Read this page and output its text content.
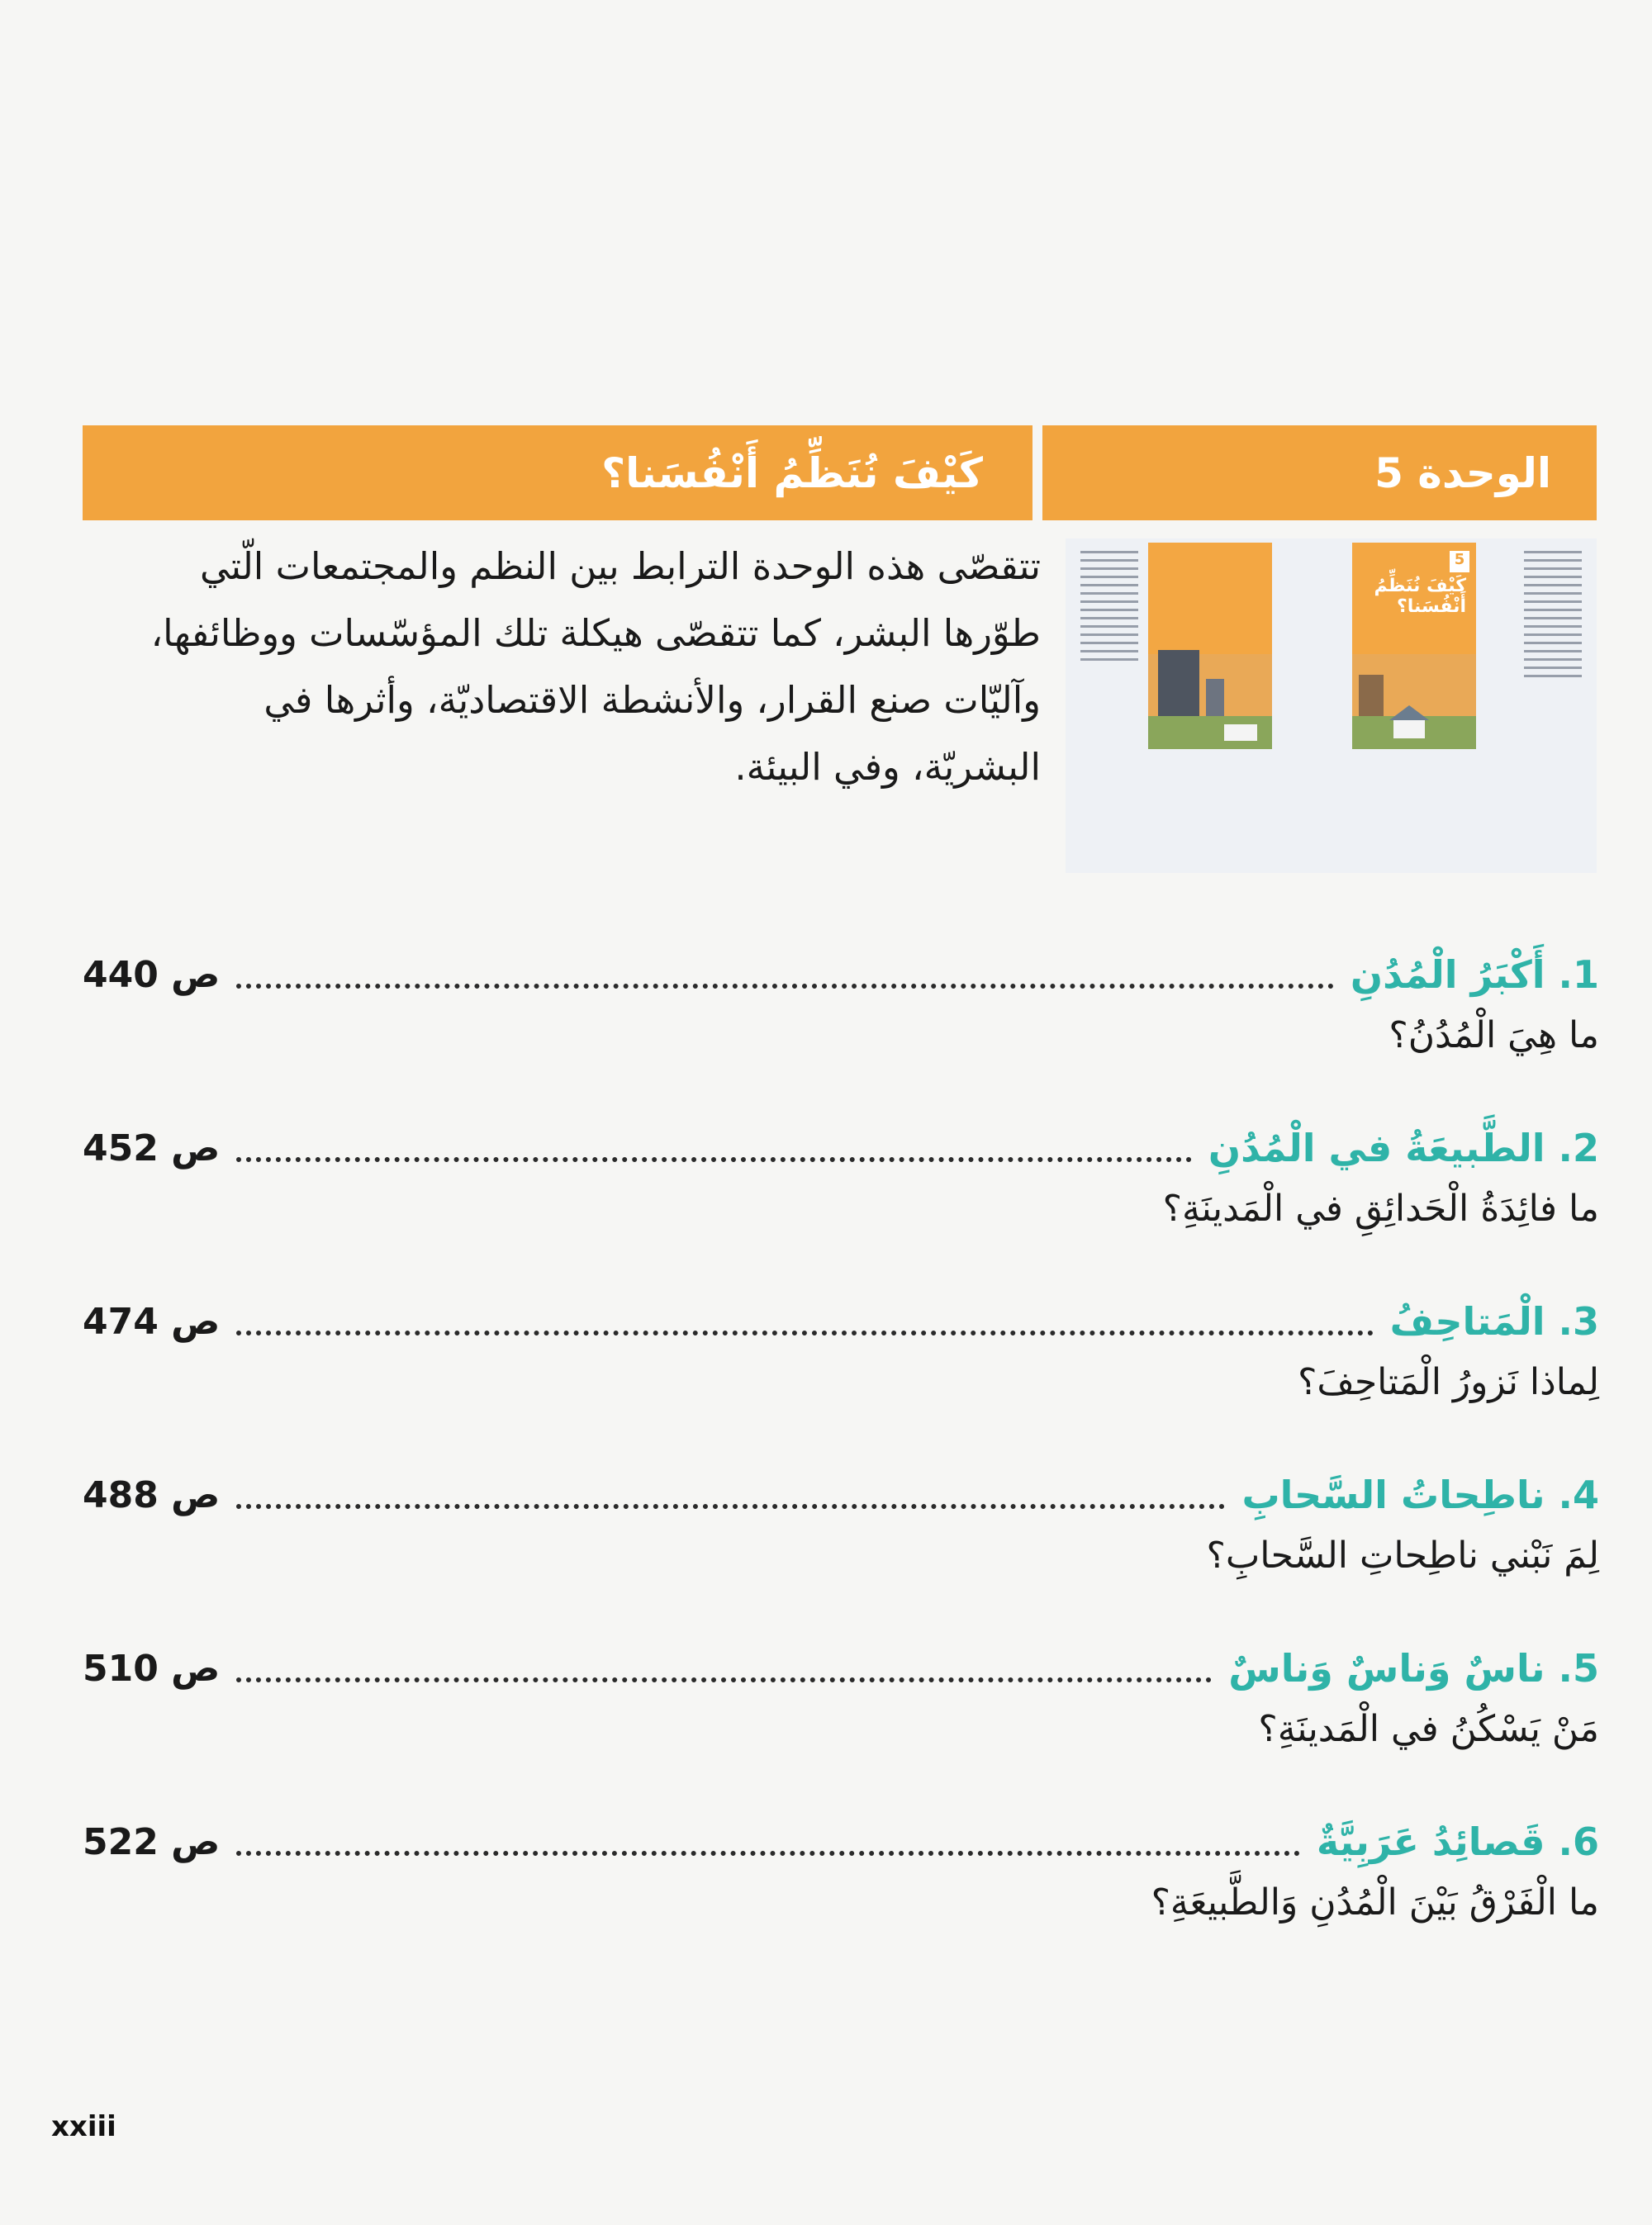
كَيْفَ نُنَظِّمُ أَنْفُسَنا؟	الوحدة 5
تتقصّى هذه الوحدة الترابط بين النظم والمجتمعات الّتي طوّرها البشر، كما تتقصّى هيكلة تلك المؤسّسات ووظائفها، وآليّات صنع القرار، والأنشطة الاقتصاديّة، وأثرها في البشريّة، وفي البيئة.
5
كَيْفَ نُنَظِّمُ أَنْفُسَنا؟
1. أَكْبَرُ الْمُدُنِ
ص 440
ما هِيَ الْمُدُنُ؟
2. الطَّبيعَةُ في الْمُدُنِ
ص 452
ما فائِدَةُ الْحَدائِقِ في الْمَدينَةِ؟
3. الْمَتاحِفُ
ص 474
لِماذا نَزورُ الْمَتاحِفَ؟
4. ناطِحاتُ السَّحابِ
ص 488
لِمَ نَبْني ناطِحاتِ السَّحابِ؟
5. ناسٌ وَناسٌ وَناسٌ
ص 510
مَنْ يَسْكُنُ في الْمَدينَةِ؟
6. قَصائِدُ عَرَبِيَّةٌ
ص 522
ما الْفَرْقُ بَيْنَ الْمُدُنِ وَالطَّبيعَةِ؟
xxiii
